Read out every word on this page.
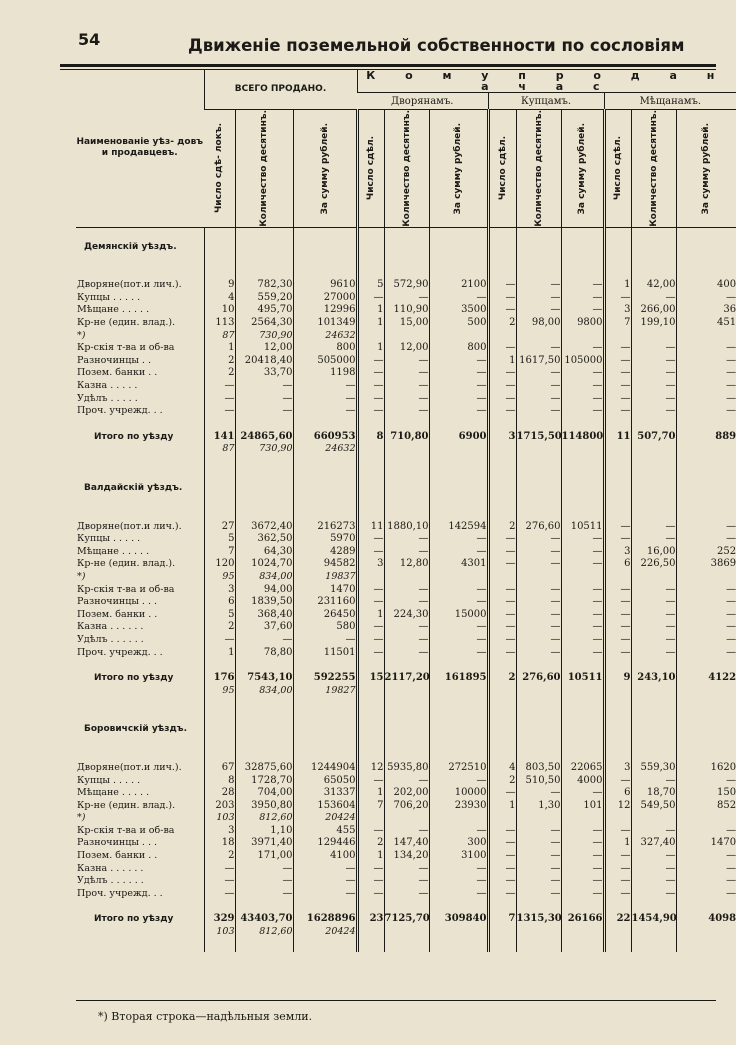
54	Движеніе поземельной собственности по сословіям
Наименованіе уѣз- довъ и продавцевъ.	ВСЕГО ПРОДАНО.			К о м у п р о д а н а ч а с								
				Дворянамъ.			Купцамъ.			Мѣщанамъ.		

	Число сдѣ- локъ.	Количество десятинъ.	За сумму рублей.	Число сдѣл.	Количество десятинъ.	За сумму рублей.	Число сдѣл.	Количество десятинъ.	За сумму рублей.	Число сдѣл.	Количество десятинъ.	За сумму рублей.

Демянскій уѣздъ.												

Дворяне(пот.и лич.).	9	782,30	9610	5	572,90	2100	—	—	—	1	42,00	400
Купцы . . . . .	4	559,20	27000	—	—	—	—	—	—	—	—	—
Мѣщане . . . . .	10	495,70	12996	1	110,90	3500	—	—	—	3	266,00	36
Кр-не (един. влад.).	113	2564,30	101349	1	15,00	500	2	98,00	9800	7	199,10	451
*)	87	730,90	24632									
Кр-скія т-ва и об-ва	1	12,00	800	1	12,00	800	—	—	—	—	—	—
Разночинцы . .	2	20418,40	505000	—	—	—	1	1617,50	105000	—	—	—
Позем. банки . .	2	33,70	1198	—	—	—	—	—	—	—	—	—
Казна . . . . .	—	—	—	—	—	—	—	—	—	—	—	—
Удѣлъ . . . . .	—	—	—	—	—	—	—	—	—	—	—	—
Проч. учрежд. . .	—	—	—	—	—	—	—	—	—	—	—	—

Итого по уѣзду	141	24865,60	660953	8	710,80	6900	3	1715,50	114800	11	507,70	889
	87	730,90	24632									

Валдайскій уѣздъ.												

Дворяне(пот.и лич.).	27	3672,40	216273	11	1880,10	142594	2	276,60	10511	—	—	—
Купцы . . . . .	5	362,50	5970	—	—	—	—	—	—	—	—	—
Мѣщане . . . . .	7	64,30	4289	—	—	—	—	—	—	3	16,00	252
Кр-не (един. влад.).	120	1024,70	94582	3	12,80	4301	—	—	—	6	226,50	3869
*)	95	834,00	19837									
Кр-скія т-ва и об-ва	3	94,00	1470	—	—	—	—	—	—	—	—	—
Разночинцы . . .	6	1839,50	231160	—	—	—	—	—	—	—	—	—
Позем. банки . .	5	368,40	26450	1	224,30	15000	—	—	—	—	—	—
Казна . . . . . .	2	37,60	580	—	—	—	—	—	—	—	—	—
Удѣлъ . . . . . .	—	—	—	—	—	—	—	—	—	—	—	—
Проч. учрежд. . .	1	78,80	11501	—	—	—	—	—	—	—	—	—

Итого по уѣзду	176	7543,10	592255	15	2117,20	161895	2	276,60	10511	9	243,10	4122
	95	834,00	19827									

Боровичскій уѣздъ.												

Дворяне(пот.и лич.).	67	32875,60	1244904	12	5935,80	272510	4	803,50	22065	3	559,30	1620
Купцы . . . . .	8	1728,70	65050	—	—	—	2	510,50	4000	—	—	—
Мѣщане . . . . .	28	704,00	31337	1	202,00	10000	—	—	—	6	18,70	150
Кр-не (един. влад.).	203	3950,80	153604	7	706,20	23930	1	1,30	101	12	549,50	852
*)	103	812,60	20424									
Кр-скія т-ва и об-ва	3	1,10	455	—	—	—	—	—	—	—	—	—
Разночинцы . . .	18	3971,40	129446	2	147,40	300	—	—	—	1	327,40	1470
Позем. банки . .	2	171,00	4100	1	134,20	3100	—	—	—	—	—	—
Казна . . . . . .	—	—	—	—	—	—	—	—	—	—	—	—
Удѣлъ . . . . . .	—	—	—	—	—	—	—	—	—	—	—	—
Проч. учрежд. . .	—	—	—	—	—	—	—	—	—	—	—	—

Итого по уѣзду	329	43403,70	1628896	23	7125,70	309840	7	1315,30	26166	22	1454,90	4098
	103	812,60	20424									

*) Вторая строка—надѣльныя земли.
